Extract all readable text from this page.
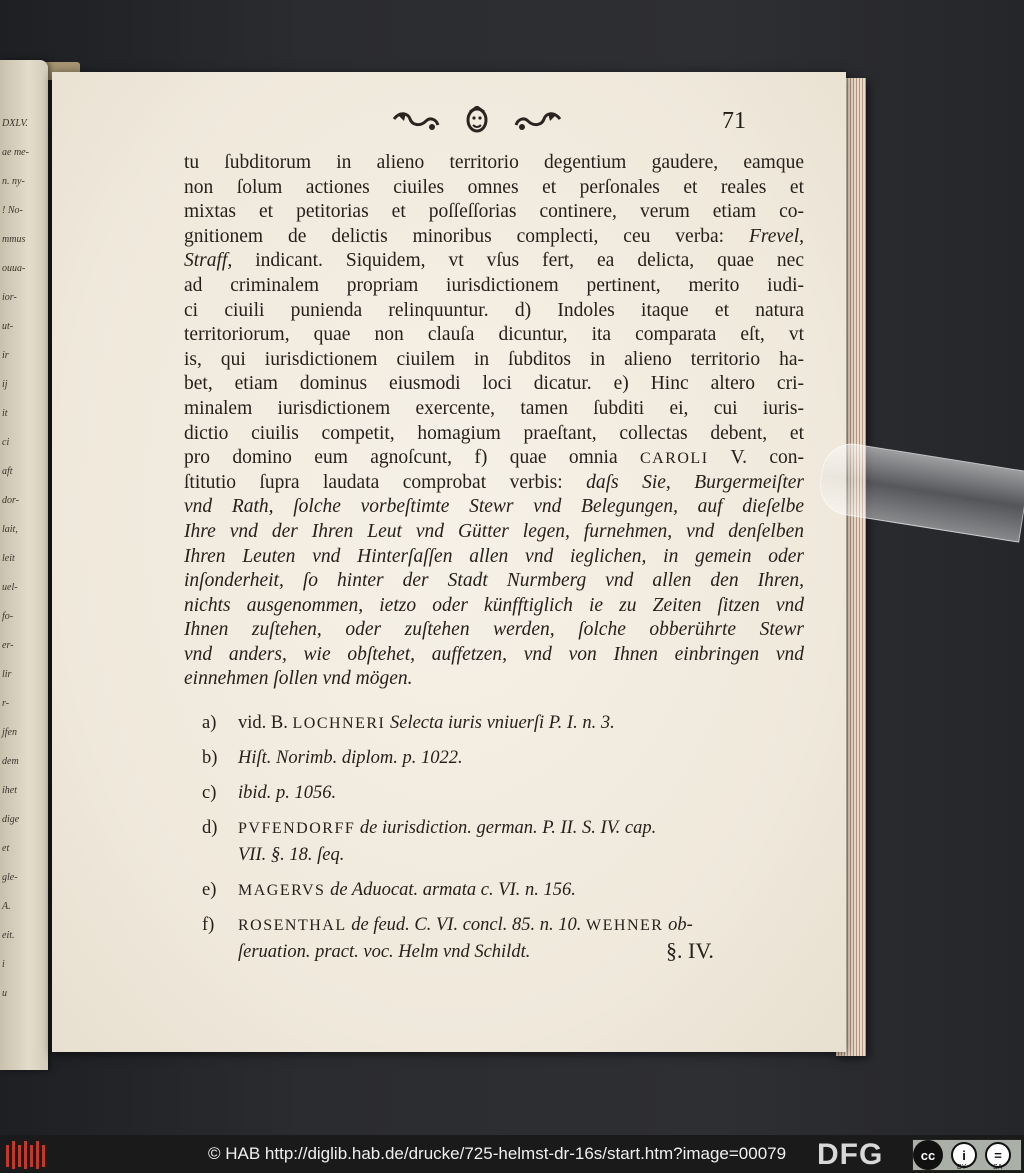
DXLV.
ae me-
n. ny-
! No-
mmus
ouua-
ior-
ut-
ir
ij
it
ci
aft
dor-
lait,
leit
uel-
fo-
er-
lir
r-
jfen
dem
ihet
dige
et
gle-
A.
eit.
i
u
71
tu ſubditorum in alieno territorio degentium gaudere, eamque
non ſolum actiones ciuiles omnes et perſonales et reales et
mixtas et petitorias et poſſeſſorias continere, verum etiam co-
gnitionem de delictis minoribus complecti, ceu verba: Frevel,
Straff, indicant. Siquidem, vt vſus fert, ea delicta, quae nec
ad criminalem propriam iurisdictionem pertinent, merito iudi-
ci ciuili punienda relinquuntur. d) Indoles itaque et natura
territoriorum, quae non clauſa dicuntur, ita comparata eſt, vt
is, qui iurisdictionem ciuilem in ſubditos in alieno territorio ha-
bet, etiam dominus eiusmodi loci dicatur. e) Hinc altero cri-
minalem iurisdictionem exercente, tamen ſubditi ei, cui iuris-
dictio ciuilis competit, homagium praeſtant, collectas debent, et
pro domino eum agnoſcunt, f) quae omnia CAROLI V. con-
ſtitutio ſupra laudata comprobat verbis: daſs Sie, Burgermeiſter
vnd Rath, ſolche vorbeſtimte Stewr vnd Belegungen, auf dieſelbe
Ihre vnd der Ihren Leut vnd Gütter legen, furnehmen, vnd denſelben
Ihren Leuten vnd Hinterſaſſen allen vnd ieglichen, in gemein oder
inſonderheit, ſo hinter der Stadt Nurmberg vnd allen den Ihren,
nichts ausgenommen, ietzo oder künfftiglich ie zu Zeiten ſitzen vnd
Ihnen zuſtehen, oder zuſtehen werden, ſolche obberührte Stewr
vnd anders, wie obſtehet, auffetzen, vnd von Ihnen einbringen vnd
einnehmen ſollen vnd mögen.
a)	vid. B. LOCHNERI Selecta iuris vniuerſi P. I. n. 3.
b)	Hiſt. Norimb. diplom. p. 1022.
c)	ibid. p. 1056.
d)	PVFENDORFF de iurisdiction. german. P. II. S. IV. cap.
VII. §. 18. ſeq.
e)	MAGERVS de Aduocat. armata c. VI. n. 156.
f)	ROSENTHAL de feud. C. VI. concl. 85. n. 10. WEHNER ob-
ſeruation. pract. voc. Helm vnd Schildt.	§. IV.
© HAB http://diglib.hab.de/drucke/725-helmst-dr-16s/start.htm?image=00079 DFG	cc	i	=
BY	SA
